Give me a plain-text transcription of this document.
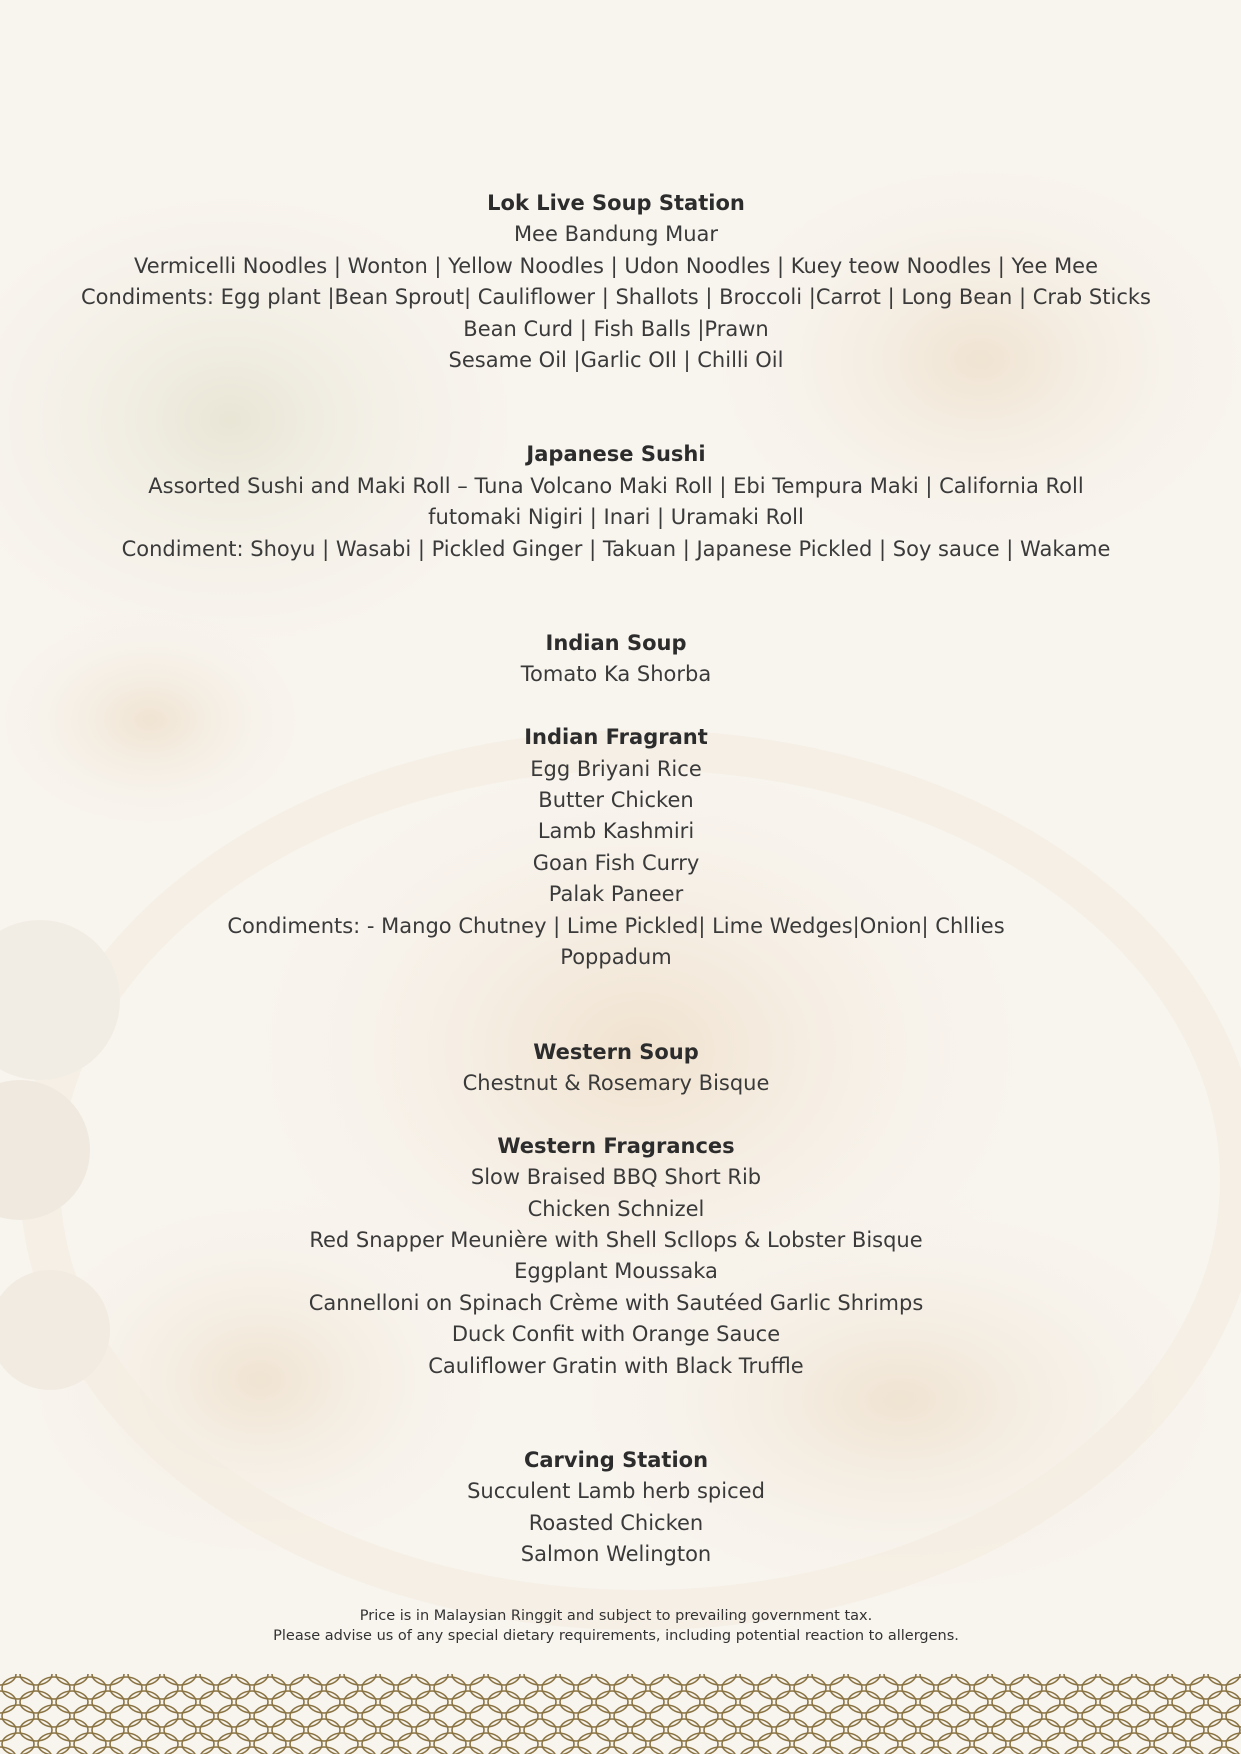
Lok Live Soup Station
Mee Bandung Muar
Vermicelli Noodles | Wonton | Yellow Noodles | Udon Noodles | Kuey teow Noodles | Yee Mee
Condiments: Egg plant |Bean Sprout| Cauliflower | Shallots | Broccoli |Carrot | Long Bean | Crab Sticks
Bean Curd | Fish Balls |Prawn
Sesame Oil |Garlic OIl | Chilli Oil
Japanese Sushi
Assorted Sushi and Maki Roll – Tuna Volcano Maki Roll | Ebi Tempura Maki | California Roll
futomaki Nigiri | Inari | Uramaki Roll
Condiment: Shoyu | Wasabi | Pickled Ginger | Takuan | Japanese Pickled | Soy sauce | Wakame
Indian Soup
Tomato Ka Shorba
Indian Fragrant
Egg Briyani Rice
Butter Chicken
Lamb Kashmiri
Goan Fish Curry
Palak Paneer
Condiments: - Mango Chutney | Lime Pickled| Lime Wedges|Onion| Chllies
Poppadum
Western Soup
Chestnut & Rosemary Bisque
Western Fragrances
Slow Braised BBQ Short Rib
Chicken Schnizel
Red Snapper Meunière with Shell Scllops & Lobster Bisque
Eggplant Moussaka
Cannelloni on Spinach Crème with Sautéed Garlic Shrimps
Duck Confit with Orange Sauce
Cauliflower Gratin with Black Truffle
Carving Station
Succulent Lamb herb spiced
Roasted Chicken
Salmon Welington
Price is in Malaysian Ringgit and subject to prevailing government tax.
Please advise us of any special dietary requirements, including potential reaction to allergens.
